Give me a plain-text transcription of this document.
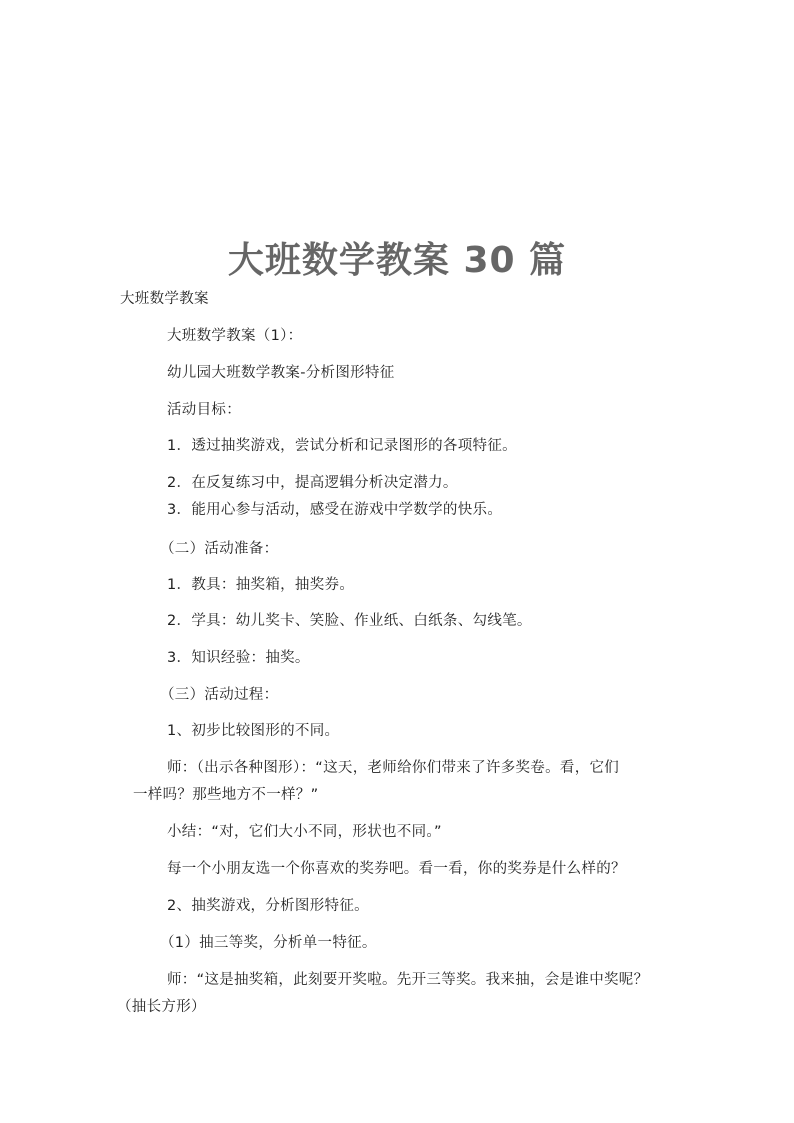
大班数学教案 30 篇
大班数学教案
大班数学教案（1）：
幼儿园大班数学教案-分析图形特征
活动目标：
1．透过抽奖游戏，尝试分析和记录图形的各项特征。
2．在反复练习中，提高逻辑分析决定潜力。
3．能用心参与活动，感受在游戏中学数学的快乐。
（二）活动准备：
1．教具：抽奖箱，抽奖券。
2．学具：幼儿奖卡、笑脸、作业纸、白纸条、勾线笔。
3．知识经验：抽奖。
（三）活动过程：
1、初步比较图形的不同。
师：（出示各种图形）：“这天，老师给你们带来了许多奖卷。看，它们
一样吗？那些地方不一样？”
小结：“对，它们大小不同，形状也不同。”
每一个小朋友选一个你喜欢的奖券吧。看一看，你的奖券是什么样的？
2、抽奖游戏，分析图形特征。
（1）抽三等奖，分析单一特征。
师：“这是抽奖箱，此刻要开奖啦。先开三等奖。我来抽，会是谁中奖呢？
（抽长方形）
